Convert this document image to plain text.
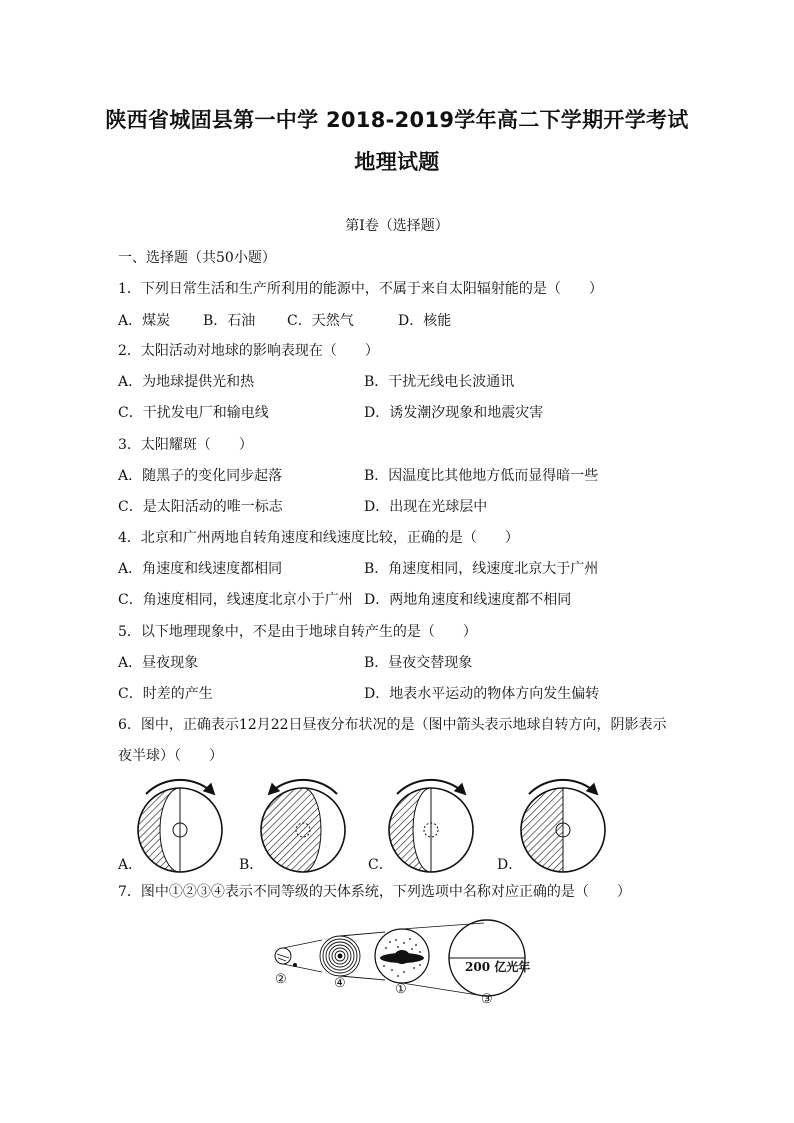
陕西省城固县第一中学 2018-2019学年高二下学期开学考试
地理试题
第Ⅰ卷（选择题）
一、选择题（共50小题）
1．下列日常生活和生产所利用的能源中，不属于来自太阳辐射能的是（　　）
A．煤炭 B．石油 C．天然气	D．核能
2．太阳活动对地球的影响表现在（　　）
A．为地球提供光和热	B．干扰无线电长波通讯
C．干扰发电厂和输电线	D．诱发潮汐现象和地震灾害
3．太阳耀斑（　　）
A．随黑子的变化同步起落	B．因温度比其他地方低而显得暗一些
C．是太阳活动的唯一标志	D．出现在光球层中
4．北京和广州两地自转角速度和线速度比较，正确的是（　　）
A．角速度和线速度都相同	B．角速度相同，线速度北京大于广州
C．角速度相同，线速度北京小于广州 D．两地角速度和线速度都不相同
5．以下地理现象中，不是由于地球自转产生的是（　　）
A．昼夜现象	B．昼夜交替现象
C．时差的产生	D．地表水平运动的物体方向发生偏转
6．图中，正确表示12月22日昼夜分布状况的是（图中箭头表示地球自转方向，阴影表示
夜半球）（　　）
A．	B．	C．	D．
7．图中①②③④表示不同等级的天体系统，下列选项中名称对应正确的是（　　）
200 亿光年
②	④	①
③
